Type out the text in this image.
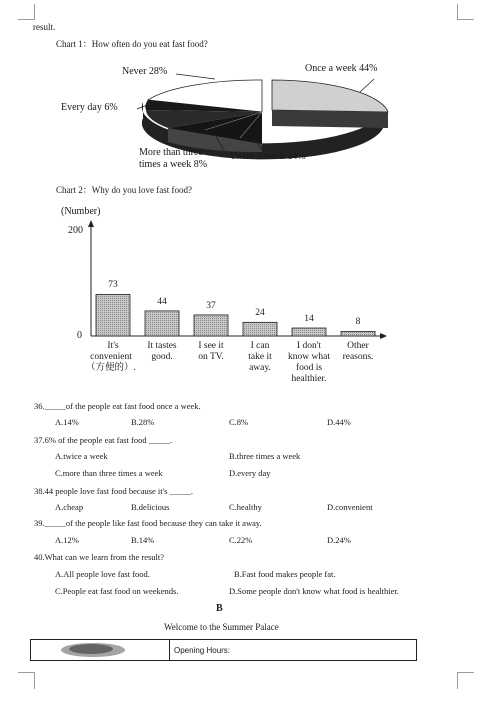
result.
Chart 1：How often do you eat fast food?
Never 28%	Once a week 44%
Every day 6%
More than three
times a week 8%
Twice a week 14%
Chart 2：Why do you love fast food?
(Number)
200
0
73
It's
convenient
（方便的）.
44
It tastes
good.
37
I see it
on TV.
24
I can
take it
away.
14
I don't
know what
food is
healthier.
8
Other
reasons.
36._____of the people eat fast food once a week.
A.14%	B.28%	C.8%	D.44%
37.6% of the people eat fast food _____.
A.twice a week	B.three times a week
C.more than three times a week	D.every day
38.44 people love fast food because it's _____.
A.cheap	B.delicious	C.healthy	D.convenient
39._____of the people like fast food because they can take it away.
A.12%	B.14%	C.22%	D.24%
40.What can we learn from the result?
A.All people love fast food.	B.Fast food makes people fat.
C.People eat fast food on weekends.	D.Some people don't know what food is healthier.
B
Welcome to the Summer Palace
	Opening Hours:
